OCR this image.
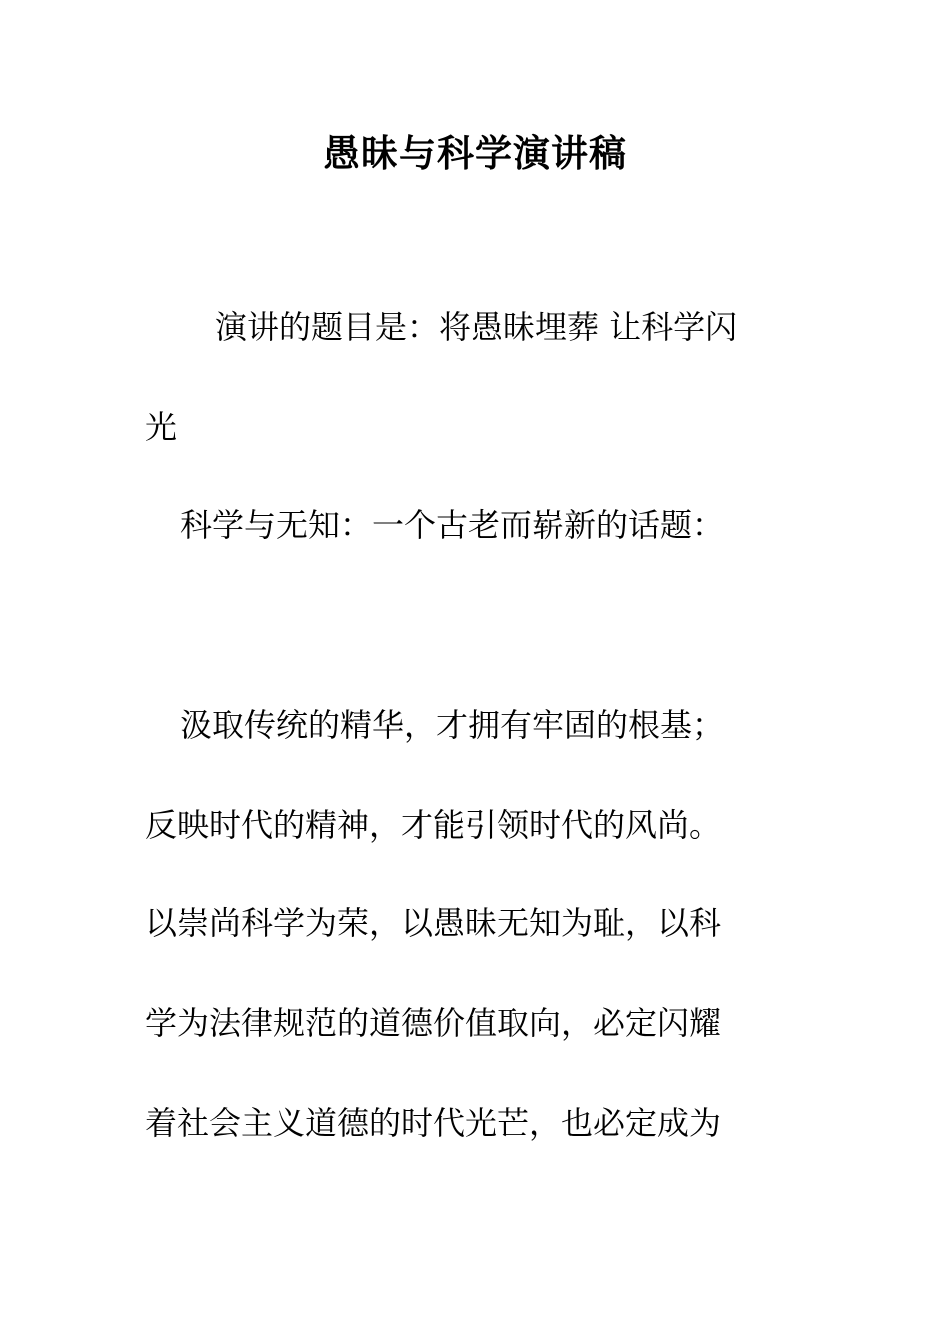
愚昧与科学演讲稿
演讲的题目是：将愚昧埋葬 让科学闪
光
科学与无知：一个古老而崭新的话题：
汲取传统的精华，才拥有牢固的根基；
反映时代的精神，才能引领时代的风尚。
以崇尚科学为荣，以愚昧无知为耻，以科
学为法律规范的道德价值取向，必定闪耀
着社会主义道德的时代光芒，也必定成为
